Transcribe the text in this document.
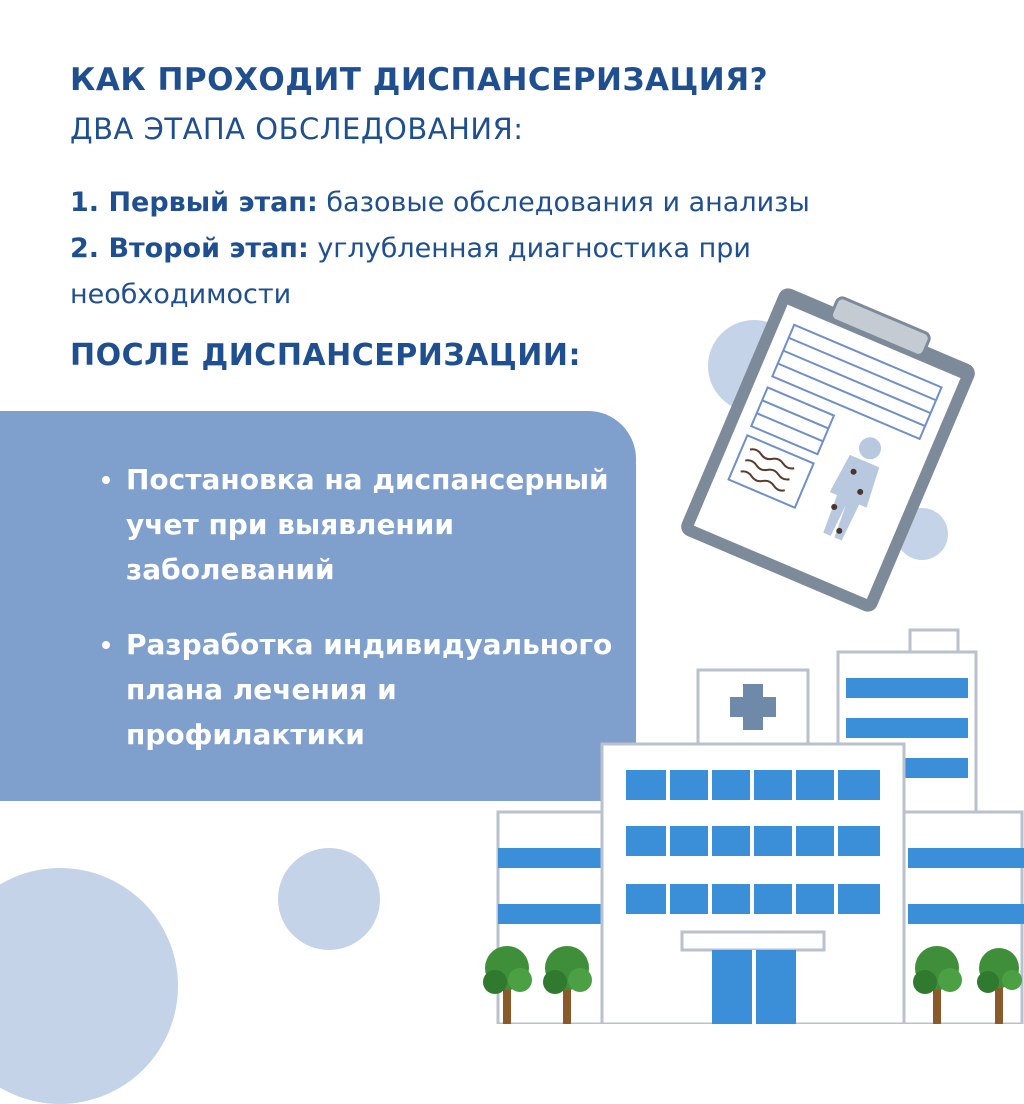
КАК ПРОХОДИТ ДИСПАНСЕРИЗАЦИЯ?
ДВА ЭТАПА ОБСЛЕДОВАНИЯ:
1. Первый этап: базовые обследования и анализы
2. Второй этап: углубленная диагностика при необходимости
ПОСЛЕ ДИСПАНСЕРИЗАЦИИ:
Постановка на диспансерный учет при выявлении заболеваний
Разработка индивидуального плана лечения и профилактики
